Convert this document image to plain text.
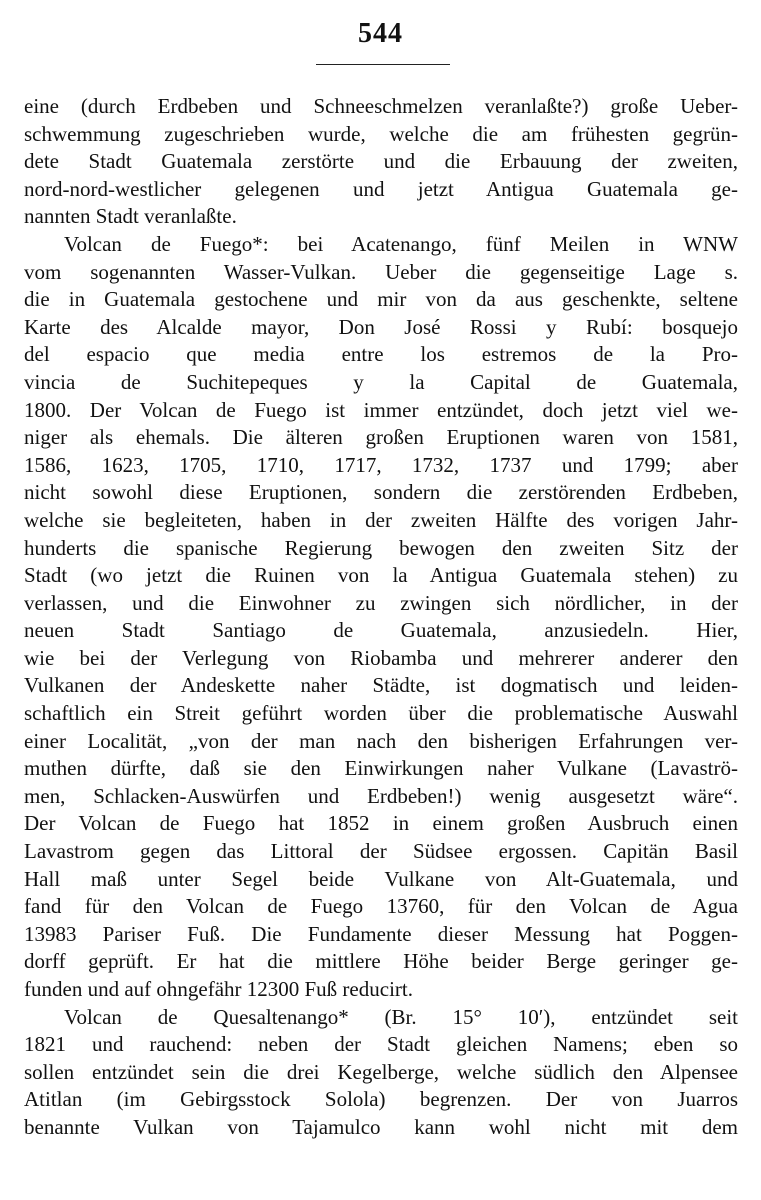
544
eine (durch Erdbeben und Schneeschmelzen veranlaßte?) große Ueber-
schwemmung zugeschrieben wurde, welche die am frühesten gegrün-
dete Stadt Guatemala zerstörte und die Erbauung der zweiten,
nord-nord-westlicher gelegenen und jetzt Antigua Guatemala ge-
nannten Stadt veranlaßte.
Volcan de Fuego*: bei Acatenango, fünf Meilen in WNW
vom sogenannten Wasser-Vulkan. Ueber die gegenseitige Lage s.
die in Guatemala gestochene und mir von da aus geschenkte, seltene
Karte des Alcalde mayor, Don José Rossi y Rubí: bosquejo
del espacio que media entre los estremos de la Pro-
vincia de Suchitepeques y la Capital de Guatemala,
1800. Der Volcan de Fuego ist immer entzündet, doch jetzt viel we-
niger als ehemals. Die älteren großen Eruptionen waren von 1581,
1586, 1623, 1705, 1710, 1717, 1732, 1737 und 1799; aber
nicht sowohl diese Eruptionen, sondern die zerstörenden Erdbeben,
welche sie begleiteten, haben in der zweiten Hälfte des vorigen Jahr-
hunderts die spanische Regierung bewogen den zweiten Sitz der
Stadt (wo jetzt die Ruinen von la Antigua Guatemala stehen) zu
verlassen, und die Einwohner zu zwingen sich nördlicher, in der
neuen Stadt Santiago de Guatemala, anzusiedeln. Hier,
wie bei der Verlegung von Riobamba und mehrerer anderer den
Vulkanen der Andeskette naher Städte, ist dogmatisch und leiden-
schaftlich ein Streit geführt worden über die problematische Auswahl
einer Localität, „von der man nach den bisherigen Erfahrungen ver-
muthen dürfte, daß sie den Einwirkungen naher Vulkane (Lavaströ-
men, Schlacken-Auswürfen und Erdbeben!) wenig ausgesetzt wäre“.
Der Volcan de Fuego hat 1852 in einem großen Ausbruch einen
Lavastrom gegen das Littoral der Südsee ergossen. Capitän Basil
Hall maß unter Segel beide Vulkane von Alt-Guatemala, und
fand für den Volcan de Fuego 13760, für den Volcan de Agua
13983 Pariser Fuß. Die Fundamente dieser Messung hat Poggen-
dorff geprüft. Er hat die mittlere Höhe beider Berge geringer ge-
funden und auf ohngefähr 12300 Fuß reducirt.
Volcan de Quesaltenango* (Br. 15° 10′), entzündet seit
1821 und rauchend: neben der Stadt gleichen Namens; eben so
sollen entzündet sein die drei Kegelberge, welche südlich den Alpensee
Atitlan (im Gebirgsstock Solola) begrenzen. Der von Juarros
benannte Vulkan von Tajamulco kann wohl nicht mit dem
